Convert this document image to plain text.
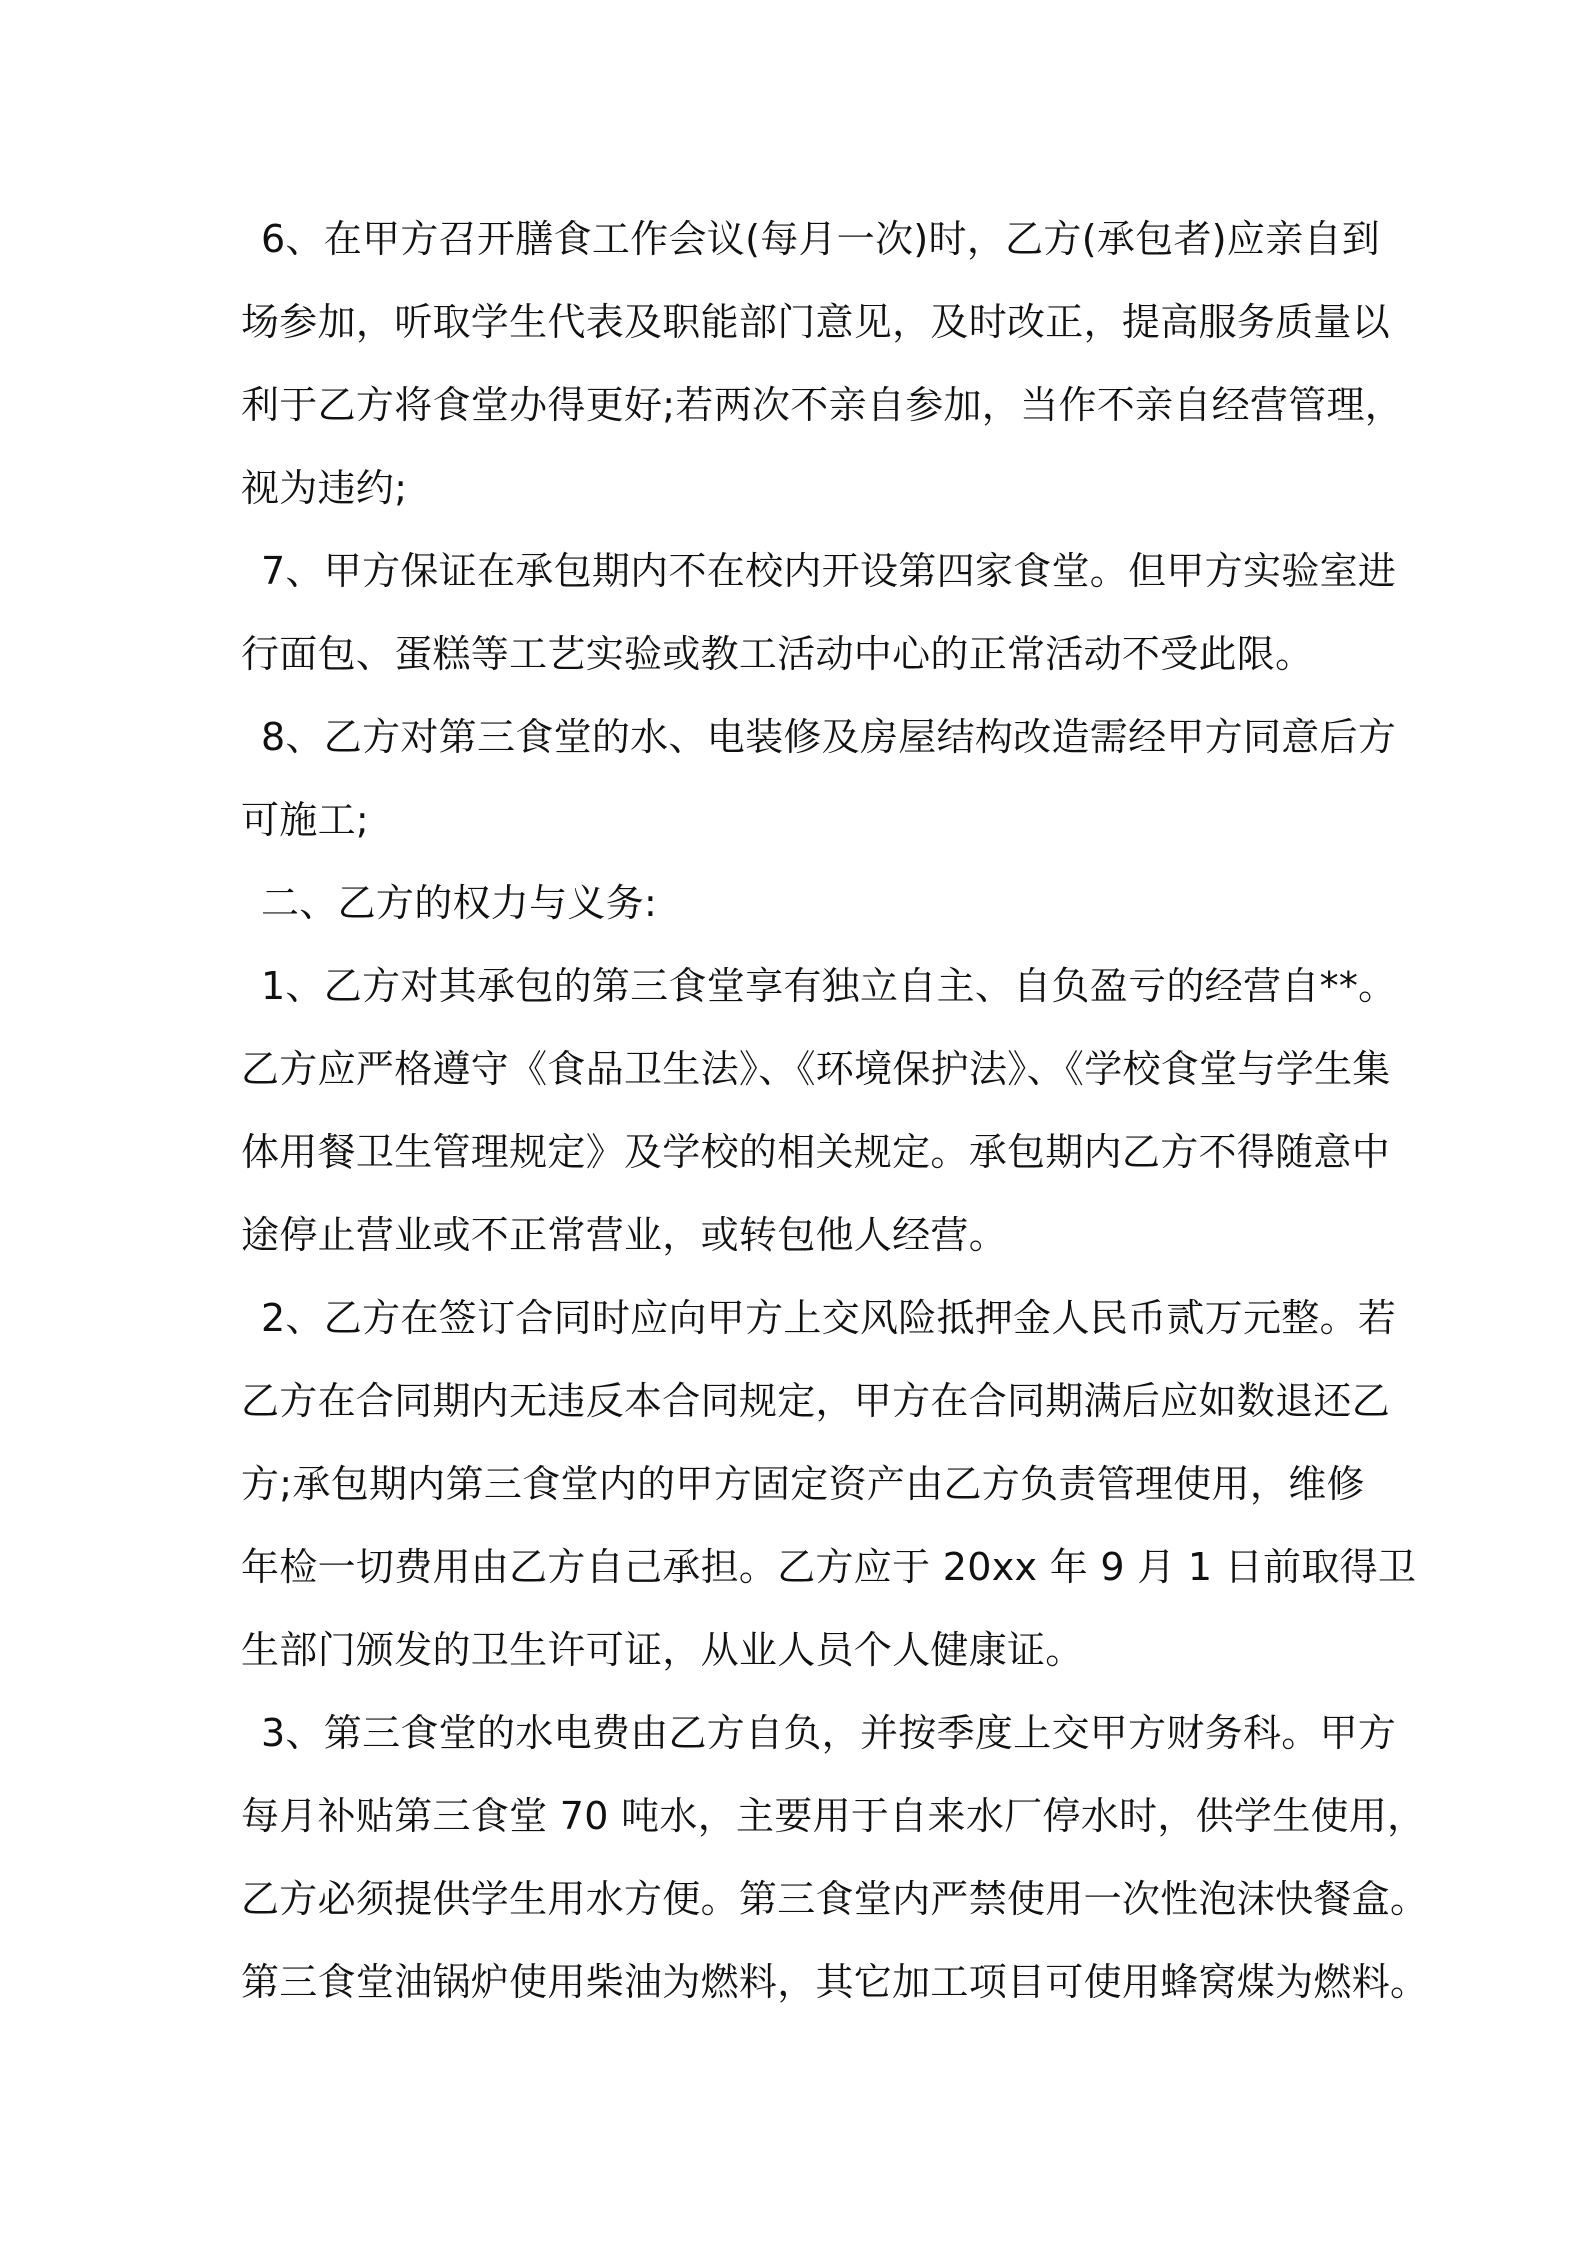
6、在甲方召开膳食工作会议(每月一次)时，乙方(承包者)应亲自到
场参加，听取学生代表及职能部门意见，及时改正，提高服务质量以
利于乙方将食堂办得更好;若两次不亲自参加，当作不亲自经营管理，
视为违约;

7、甲方保证在承包期内不在校内开设第四家食堂。但甲方实验室进
行面包、蛋糕等工艺实验或教工活动中心的正常活动不受此限。

8、乙方对第三食堂的水、电装修及房屋结构改造需经甲方同意后方
可施工;

二、乙方的权力与义务:

1、乙方对其承包的第三食堂享有独立自主、自负盈亏的经营自**。
乙方应严格遵守《食品卫生法》、《环境保护法》、《学校食堂与学生集
体用餐卫生管理规定》及学校的相关规定。承包期内乙方不得随意中
途停止营业或不正常营业，或转包他人经营。

2、乙方在签订合同时应向甲方上交风险抵押金人民币贰万元整。若
乙方在合同期内无违反本合同规定，甲方在合同期满后应如数退还乙
方;承包期内第三食堂内的甲方固定资产由乙方负责管理使用，维修
年检一切费用由乙方自己承担。乙方应于 20xx 年 9 月 1 日前取得卫
生部门颁发的卫生许可证，从业人员个人健康证。

3、第三食堂的水电费由乙方自负，并按季度上交甲方财务科。甲方
每月补贴第三食堂 70 吨水，主要用于自来水厂停水时，供学生使用，
乙方必须提供学生用水方便。第三食堂内严禁使用一次性泡沫快餐盒。
第三食堂油锅炉使用柴油为燃料，其它加工项目可使用蜂窝煤为燃料。
